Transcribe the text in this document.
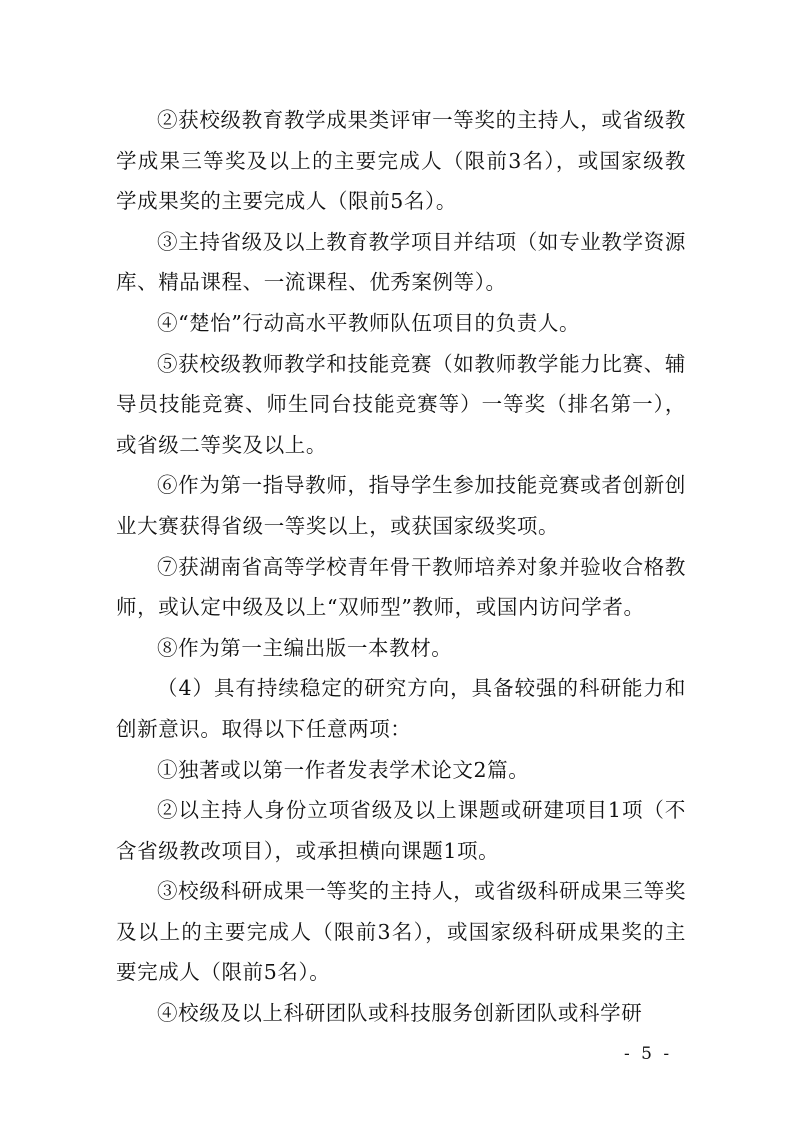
②获校级教育教学成果类评审一等奖的主持人，或省级教学成果三等奖及以上的主要完成人（限前3名），或国家级教学成果奖的主要完成人（限前5名）。

③主持省级及以上教育教学项目并结项（如专业教学资源库、精品课程、一流课程、优秀案例等）。

④“楚怡”行动高水平教师队伍项目的负责人。

⑤获校级教师教学和技能竞赛（如教师教学能力比赛、辅导员技能竞赛、师生同台技能竞赛等）一等奖（排名第一），或省级二等奖及以上。

⑥作为第一指导教师，指导学生参加技能竞赛或者创新创业大赛获得省级一等奖以上，或获国家级奖项。

⑦获湖南省高等学校青年骨干教师培养对象并验收合格教师，或认定中级及以上“双师型”教师，或国内访问学者。

⑧作为第一主编出版一本教材。

（4）具有持续稳定的研究方向，具备较强的科研能力和创新意识。取得以下任意两项：

①独著或以第一作者发表学术论文2篇。

②以主持人身份立项省级及以上课题或研建项目1项（不含省级教改项目），或承担横向课题1项。

③校级科研成果一等奖的主持人，或省级科研成果三等奖及以上的主要完成人（限前3名），或国家级科研成果奖的主要完成人（限前5名）。

④校级及以上科研团队或科技服务创新团队或科学研

- 5 -
